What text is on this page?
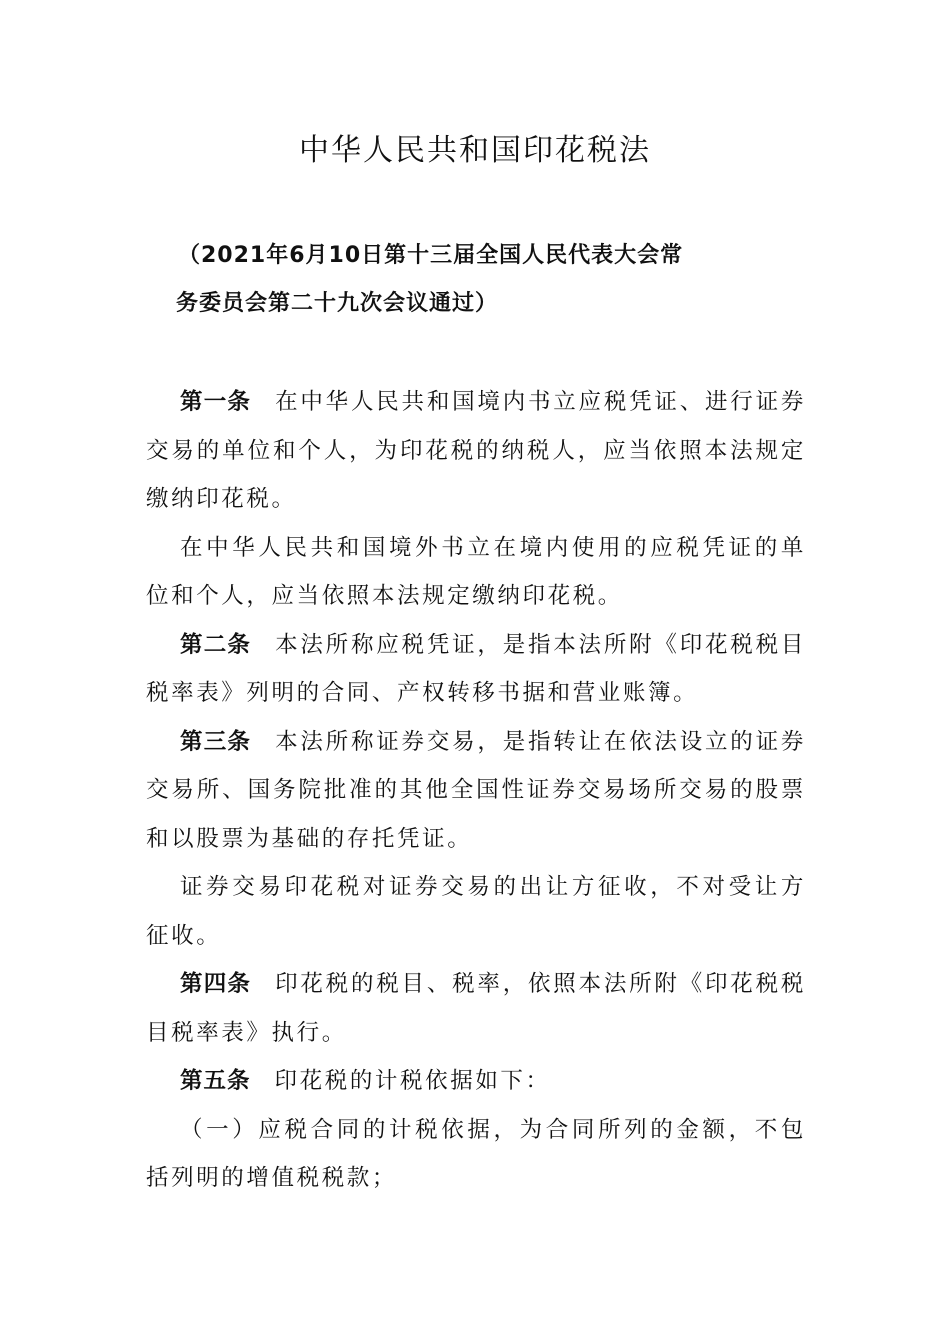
中华人民共和国印花税法
（2021年6月10日第十三届全国人民代表大会常
务委员会第二十九次会议通过）

第一条 在中华人民共和国境内书立应税凭证、进行证券交易的单位和个人，为印花税的纳税人，应当依照本法规定缴纳印花税。

在中华人民共和国境外书立在境内使用的应税凭证的单位和个人，应当依照本法规定缴纳印花税。

第二条 本法所称应税凭证，是指本法所附《印花税税目税率表》列明的合同、产权转移书据和营业账簿。

第三条 本法所称证券交易，是指转让在依法设立的证券交易所、国务院批准的其他全国性证券交易场所交易的股票和以股票为基础的存托凭证。

证券交易印花税对证券交易的出让方征收，不对受让方征收。

第四条 印花税的税目、税率，依照本法所附《印花税税目税率表》执行。

第五条 印花税的计税依据如下：

（一）应税合同的计税依据，为合同所列的金额，不包括列明的增值税税款；
